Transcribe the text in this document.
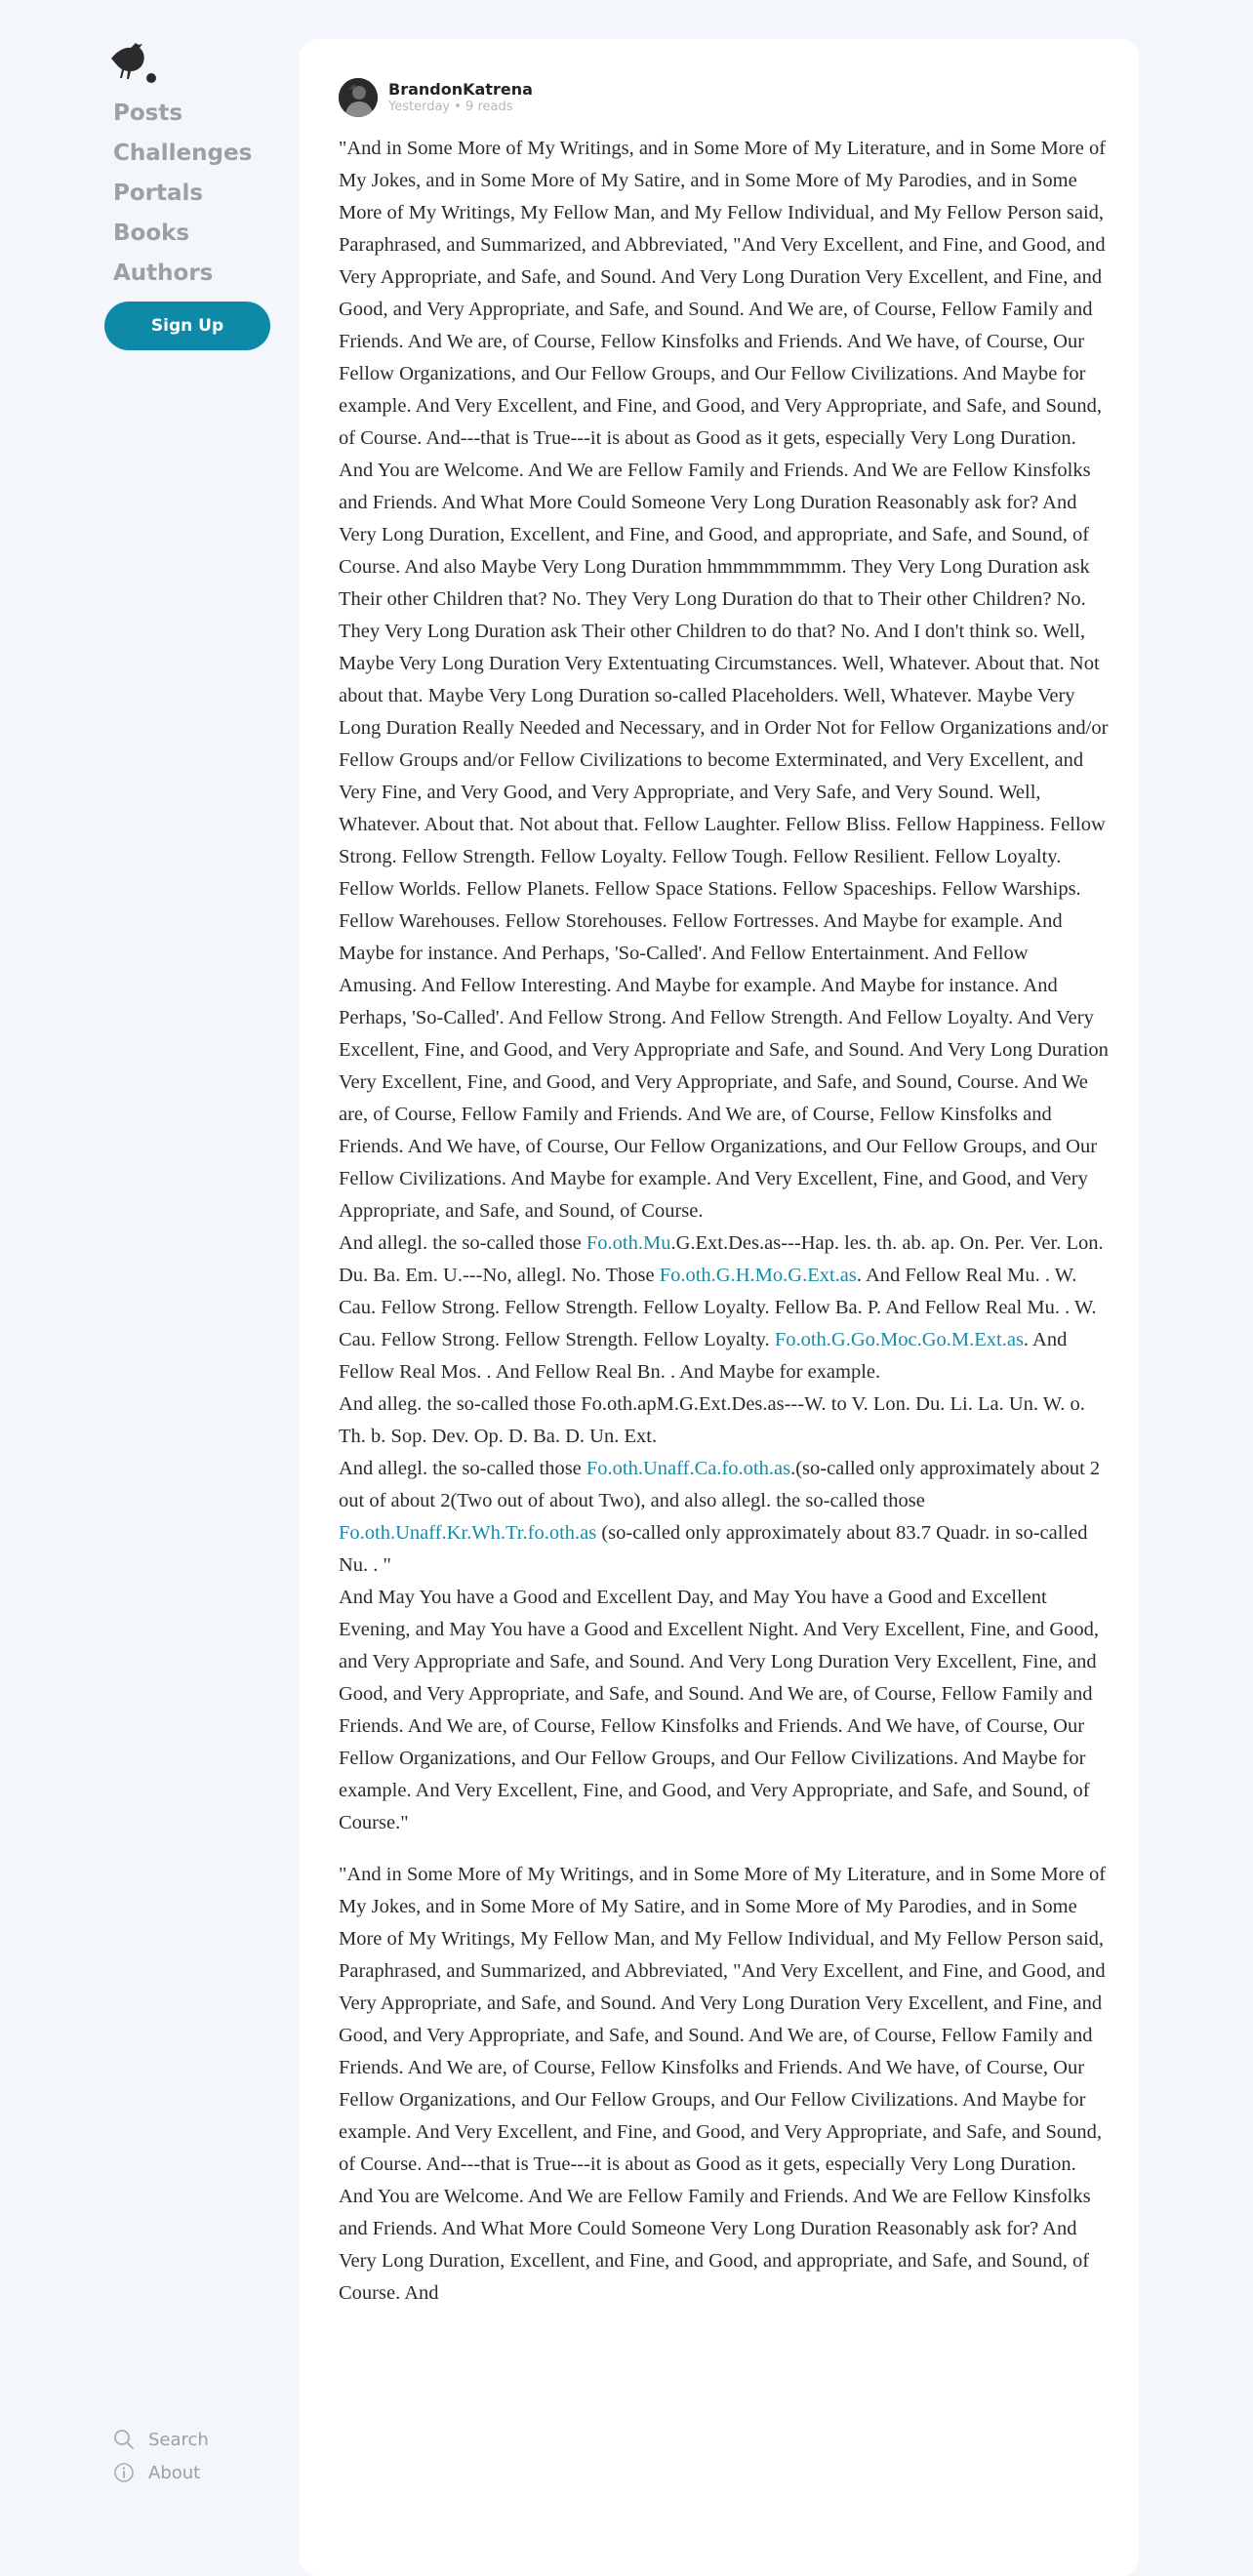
Posts
Challenges
Portals
Books
Authors
Sign Up
Search
About
BrandonKatrena
Yesterday • 9 reads

"And in Some More of My Writings, and in Some More of My Literature, and in Some More of My Jokes, and in Some More of My Satire, and in Some More of My Parodies, and in Some More of My Writings, My Fellow Man, and My Fellow Individual, and My Fellow Person said, Paraphrased, and Summarized, and Abbreviated, "And Very Excellent, and Fine, and Good, and Very Appropriate, and Safe, and Sound. And Very Long Duration Very Excellent, and Fine, and Good, and Very Appropriate, and Safe, and Sound. And We are, of Course, Fellow Family and Friends. And We are, of Course, Fellow Kinsfolks and Friends. And We have, of Course, Our Fellow Organizations, and Our Fellow Groups, and Our Fellow Civilizations. And Maybe for example. And Very Excellent, and Fine, and Good, and Very Appropriate, and Safe, and Sound, of Course. And---that is True---it is about as Good as it gets, especially Very Long Duration. And You are Welcome. And We are Fellow Family and Friends. And We are Fellow Kinsfolks and Friends. And What More Could Someone Very Long Duration Reasonably ask for? And Very Long Duration, Excellent, and Fine, and Good, and appropriate, and Safe, and Sound, of Course. And also Maybe Very Long Duration hmmmmmmmm. They Very Long Duration ask Their other Children that? No. They Very Long Duration do that to Their other Children? No. They Very Long Duration ask Their other Children to do that? No. And I don't think so. Well, Maybe Very Long Duration Very Extentuating Circumstances. Well, Whatever. About that. Not about that. Maybe Very Long Duration so-called Placeholders. Well, Whatever. Maybe Very Long Duration Really Needed and Necessary, and in Order Not for Fellow Organizations and/or Fellow Groups and/or Fellow Civilizations to become Exterminated, and Very Excellent, and Very Fine, and Very Good, and Very Appropriate, and Very Safe, and Very Sound. Well, Whatever. About that. Not about that. Fellow Laughter. Fellow Bliss. Fellow Happiness. Fellow Strong. Fellow Strength. Fellow Loyalty. Fellow Tough. Fellow Resilient. Fellow Loyalty. Fellow Worlds. Fellow Planets. Fellow Space Stations. Fellow Spaceships. Fellow Warships. Fellow Warehouses. Fellow Storehouses. Fellow Fortresses. And Maybe for example. And Maybe for instance. And Perhaps, 'So-Called'. And Fellow Entertainment. And Fellow Amusing. And Fellow Interesting. And Maybe for example. And Maybe for instance. And Perhaps, 'So-Called'. And Fellow Strong. And Fellow Strength. And Fellow Loyalty. And Very Excellent, Fine, and Good, and Very Appropriate and Safe, and Sound. And Very Long Duration Very Excellent, Fine, and Good, and Very Appropriate, and Safe, and Sound, Course. And We are, of Course, Fellow Family and Friends. And We are, of Course, Fellow Kinsfolks and Friends. And We have, of Course, Our Fellow Organizations, and Our Fellow Groups, and Our Fellow Civilizations. And Maybe for example. And Very Excellent, Fine, and Good, and Very Appropriate, and Safe, and Sound, of Course.

And allegl. the so-called those Fo.oth.Mu.G.Ext.Des.as---Hap. les. th. ab. ap. On. Per. Ver. Lon. Du. Ba. Em. U.---No, allegl. No. Those Fo.oth.G.H.Mo.G.Ext.as. And Fellow Real Mu. . W. Cau. Fellow Strong. Fellow Strength. Fellow Loyalty. Fellow Ba. P. And Fellow Real Mu. . W. Cau. Fellow Strong. Fellow Strength. Fellow Loyalty. Fo.oth.G.Go.Moc.Go.M.Ext.as. And Fellow Real Mos. . And Fellow Real Bn. . And Maybe for example.

And alleg. the so-called those Fo.oth.apM.G.Ext.Des.as---W. to V. Lon. Du. Li. La. Un. W. o. Th. b. Sop. Dev. Op. D. Ba. D. Un. Ext.

And allegl. the so-called those Fo.oth.Unaff.Ca.fo.oth.as.(so-called only approximately about 2 out of about 2(Two out of about Two), and also allegl. the so-called those Fo.oth.Unaff.Kr.Wh.Tr.fo.oth.as (so-called only approximately about 83.7 Quadr. in so-called Nu. . "

And May You have a Good and Excellent Day, and May You have a Good and Excellent Evening, and May You have a Good and Excellent Night. And Very Excellent, Fine, and Good, and Very Appropriate and Safe, and Sound. And Very Long Duration Very Excellent, Fine, and Good, and Very Appropriate, and Safe, and Sound. And We are, of Course, Fellow Family and Friends. And We are, of Course, Fellow Kinsfolks and Friends. And We have, of Course, Our Fellow Organizations, and Our Fellow Groups, and Our Fellow Civilizations. And Maybe for example. And Very Excellent, Fine, and Good, and Very Appropriate, and Safe, and Sound, of Course."

"And in Some More of My Writings, and in Some More of My Literature, and in Some More of My Jokes, and in Some More of My Satire, and in Some More of My Parodies, and in Some More of My Writings, My Fellow Man, and My Fellow Individual, and My Fellow Person said, Paraphrased, and Summarized, and Abbreviated, "And Very Excellent, and Fine, and Good, and Very Appropriate, and Safe, and Sound. And Very Long Duration Very Excellent, and Fine, and Good, and Very Appropriate, and Safe, and Sound. And We are, of Course, Fellow Family and Friends. And We are, of Course, Fellow Kinsfolks and Friends. And We have, of Course, Our Fellow Organizations, and Our Fellow Groups, and Our Fellow Civilizations. And Maybe for example. And Very Excellent, and Fine, and Good, and Very Appropriate, and Safe, and Sound, of Course. And---that is True---it is about as Good as it gets, especially Very Long Duration. And You are Welcome. And We are Fellow Family and Friends. And We are Fellow Kinsfolks and Friends. And What More Could Someone Very Long Duration Reasonably ask for? And Very Long Duration, Excellent, and Fine, and Good, and appropriate, and Safe, and Sound, of Course. And
